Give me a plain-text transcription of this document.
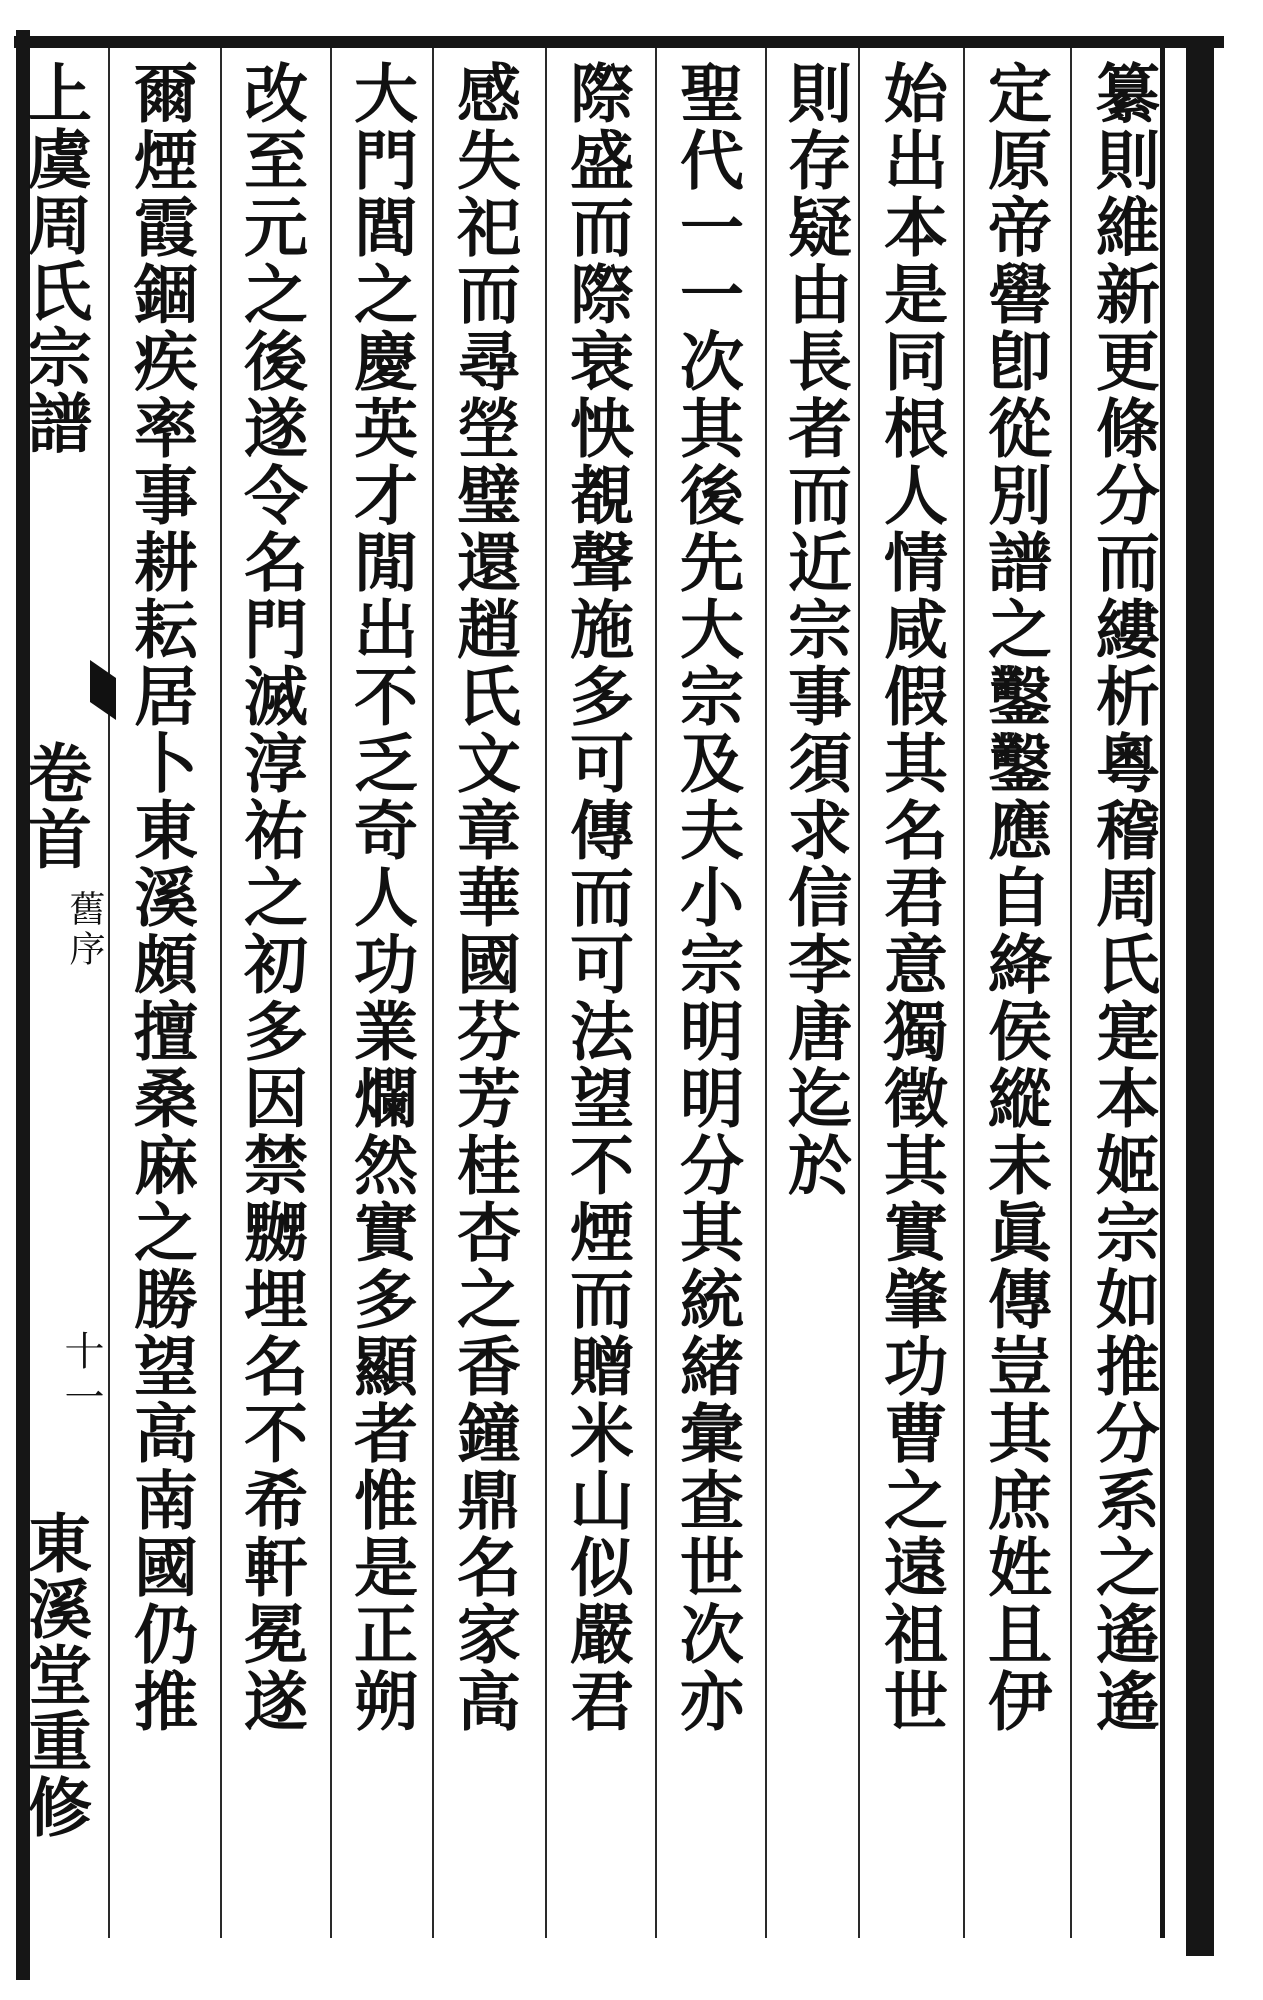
纂則維新更條分而縷析粵稽周氏寔本姬宗如推分系之遙遙
定原帝嚳卽從別譜之鑿鑿應自絳侯縱未眞傳豈其庶姓且伊
始出本是同根人情咸假其名君意獨徵其實肇功曹之遠祖世
則存疑由長者而近宗事須求信李唐迄於
聖代一一次其後先大宗及夫小宗明明分其統緒彙查世次亦
際盛而際衰怏覩聲施多可傳而可法望不煙而贈米山似嚴君
感失祀而尋塋璧還趙氏文章華國芬芳桂杏之香鐘鼎名家高
大門閭之慶英才閒出不乏奇人功業爛然實多顯者惟是正朔
改至元之後遂令名門滅淳祐之初多因禁嬲埋名不希軒冕遂
爾煙霞錮疾率事耕耘居卜東溪頗擅桑麻之勝望高南國仍推
上虞周氏宗譜
卷首
舊序
十一
東溪堂重修
